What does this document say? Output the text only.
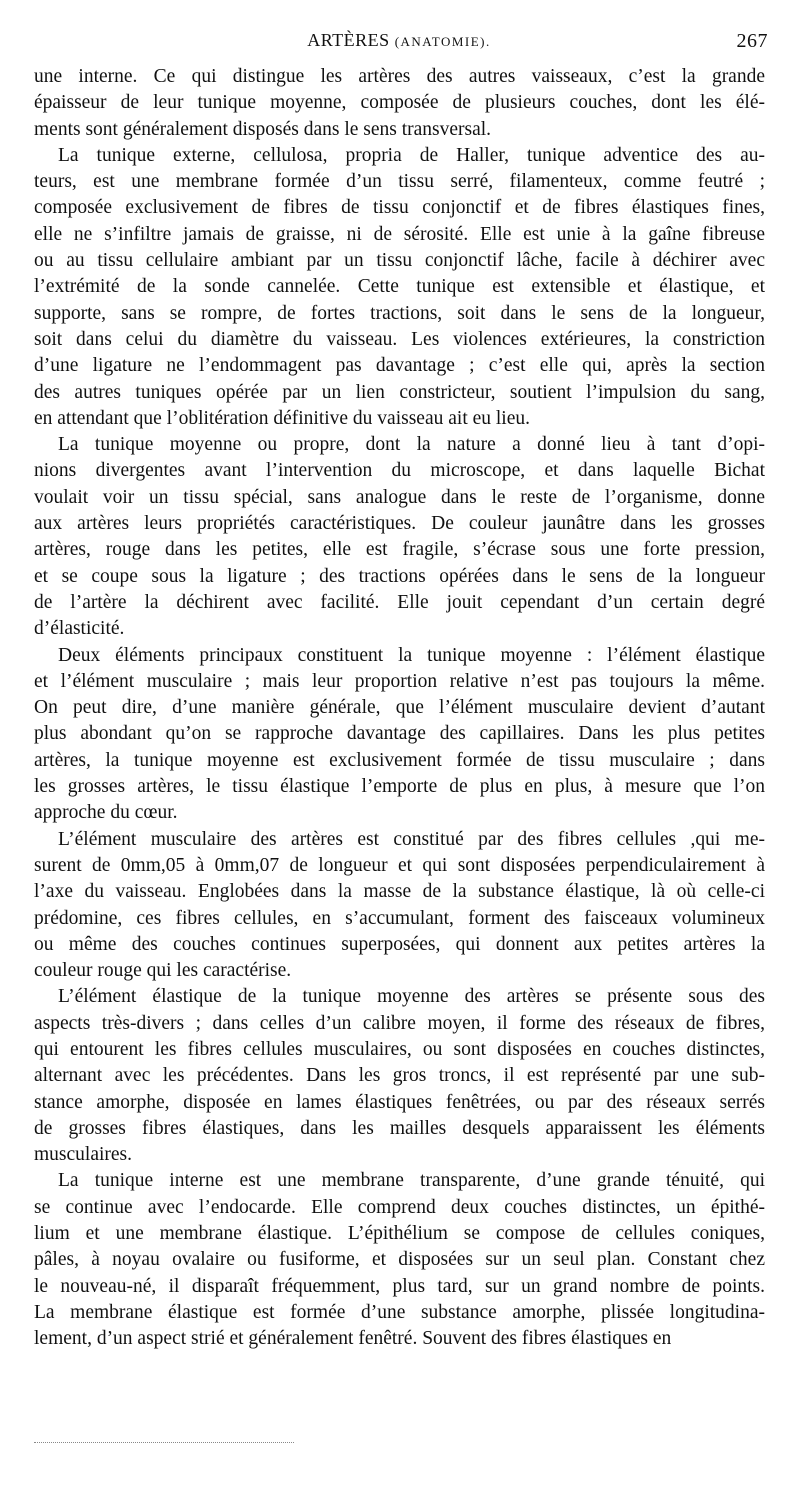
ARTÈRES (ANATOMIE).	267
une interne. Ce qui distingue les artères des autres vaisseaux, c’est la grande
épaisseur de leur tunique moyenne, composée de plusieurs couches, dont les élé-
ments sont généralement disposés dans le sens transversal.
La tunique externe, cellulosa, propria de Haller, tunique adventice des au-
teurs, est une membrane formée d’un tissu serré, filamenteux, comme feutré ;
composée exclusivement de fibres de tissu conjonctif et de fibres élastiques fines,
elle ne s’infiltre jamais de graisse, ni de sérosité. Elle est unie à la gaîne fibreuse
ou au tissu cellulaire ambiant par un tissu conjonctif lâche, facile à déchirer avec
l’extrémité de la sonde cannelée. Cette tunique est extensible et élastique, et
supporte, sans se rompre, de fortes tractions, soit dans le sens de la longueur,
soit dans celui du diamètre du vaisseau. Les violences extérieures, la constriction
d’une ligature ne l’endommagent pas davantage ; c’est elle qui, après la section
des autres tuniques opérée par un lien constricteur, soutient l’impulsion du sang,
en attendant que l’oblitération définitive du vaisseau ait eu lieu.
La tunique moyenne ou propre, dont la nature a donné lieu à tant d’opi-
nions divergentes avant l’intervention du microscope, et dans laquelle Bichat
voulait voir un tissu spécial, sans analogue dans le reste de l’organisme, donne
aux artères leurs propriétés caractéristiques. De couleur jaunâtre dans les grosses
artères, rouge dans les petites, elle est fragile, s’écrase sous une forte pression,
et se coupe sous la ligature ; des tractions opérées dans le sens de la longueur
de l’artère la déchirent avec facilité. Elle jouit cependant d’un certain degré
d’élasticité.
Deux éléments principaux constituent la tunique moyenne : l’élément élastique
et l’élément musculaire ; mais leur proportion relative n’est pas toujours la même.
On peut dire, d’une manière générale, que l’élément musculaire devient d’autant
plus abondant qu’on se rapproche davantage des capillaires. Dans les plus petites
artères, la tunique moyenne est exclusivement formée de tissu musculaire ; dans
les grosses artères, le tissu élastique l’emporte de plus en plus, à mesure que l’on
approche du cœur.
L’élément musculaire des artères est constitué par des fibres cellules ,qui me-
surent de 0mm,05 à 0mm,07 de longueur et qui sont disposées perpendiculairement à
l’axe du vaisseau. Englobées dans la masse de la substance élastique, là où celle-ci
prédomine, ces fibres cellules, en s’accumulant, forment des faisceaux volumineux
ou même des couches continues superposées, qui donnent aux petites artères la
couleur rouge qui les caractérise.
L’élément élastique de la tunique moyenne des artères se présente sous des
aspects très-divers ; dans celles d’un calibre moyen, il forme des réseaux de fibres,
qui entourent les fibres cellules musculaires, ou sont disposées en couches distinctes,
alternant avec les précédentes. Dans les gros troncs, il est représenté par une sub-
stance amorphe, disposée en lames élastiques fenêtrées, ou par des réseaux serrés
de grosses fibres élastiques, dans les mailles desquels apparaissent les éléments
musculaires.
La tunique interne est une membrane transparente, d’une grande ténuité, qui
se continue avec l’endocarde. Elle comprend deux couches distinctes, un épithé-
lium et une membrane élastique. L’épithélium se compose de cellules coniques,
pâles, à noyau ovalaire ou fusiforme, et disposées sur un seul plan. Constant chez
le nouveau-né, il disparaît fréquemment, plus tard, sur un grand nombre de points.
La membrane élastique est formée d’une substance amorphe, plissée longitudina-
lement, d’un aspect strié et généralement fenêtré. Souvent des fibres élastiques en
